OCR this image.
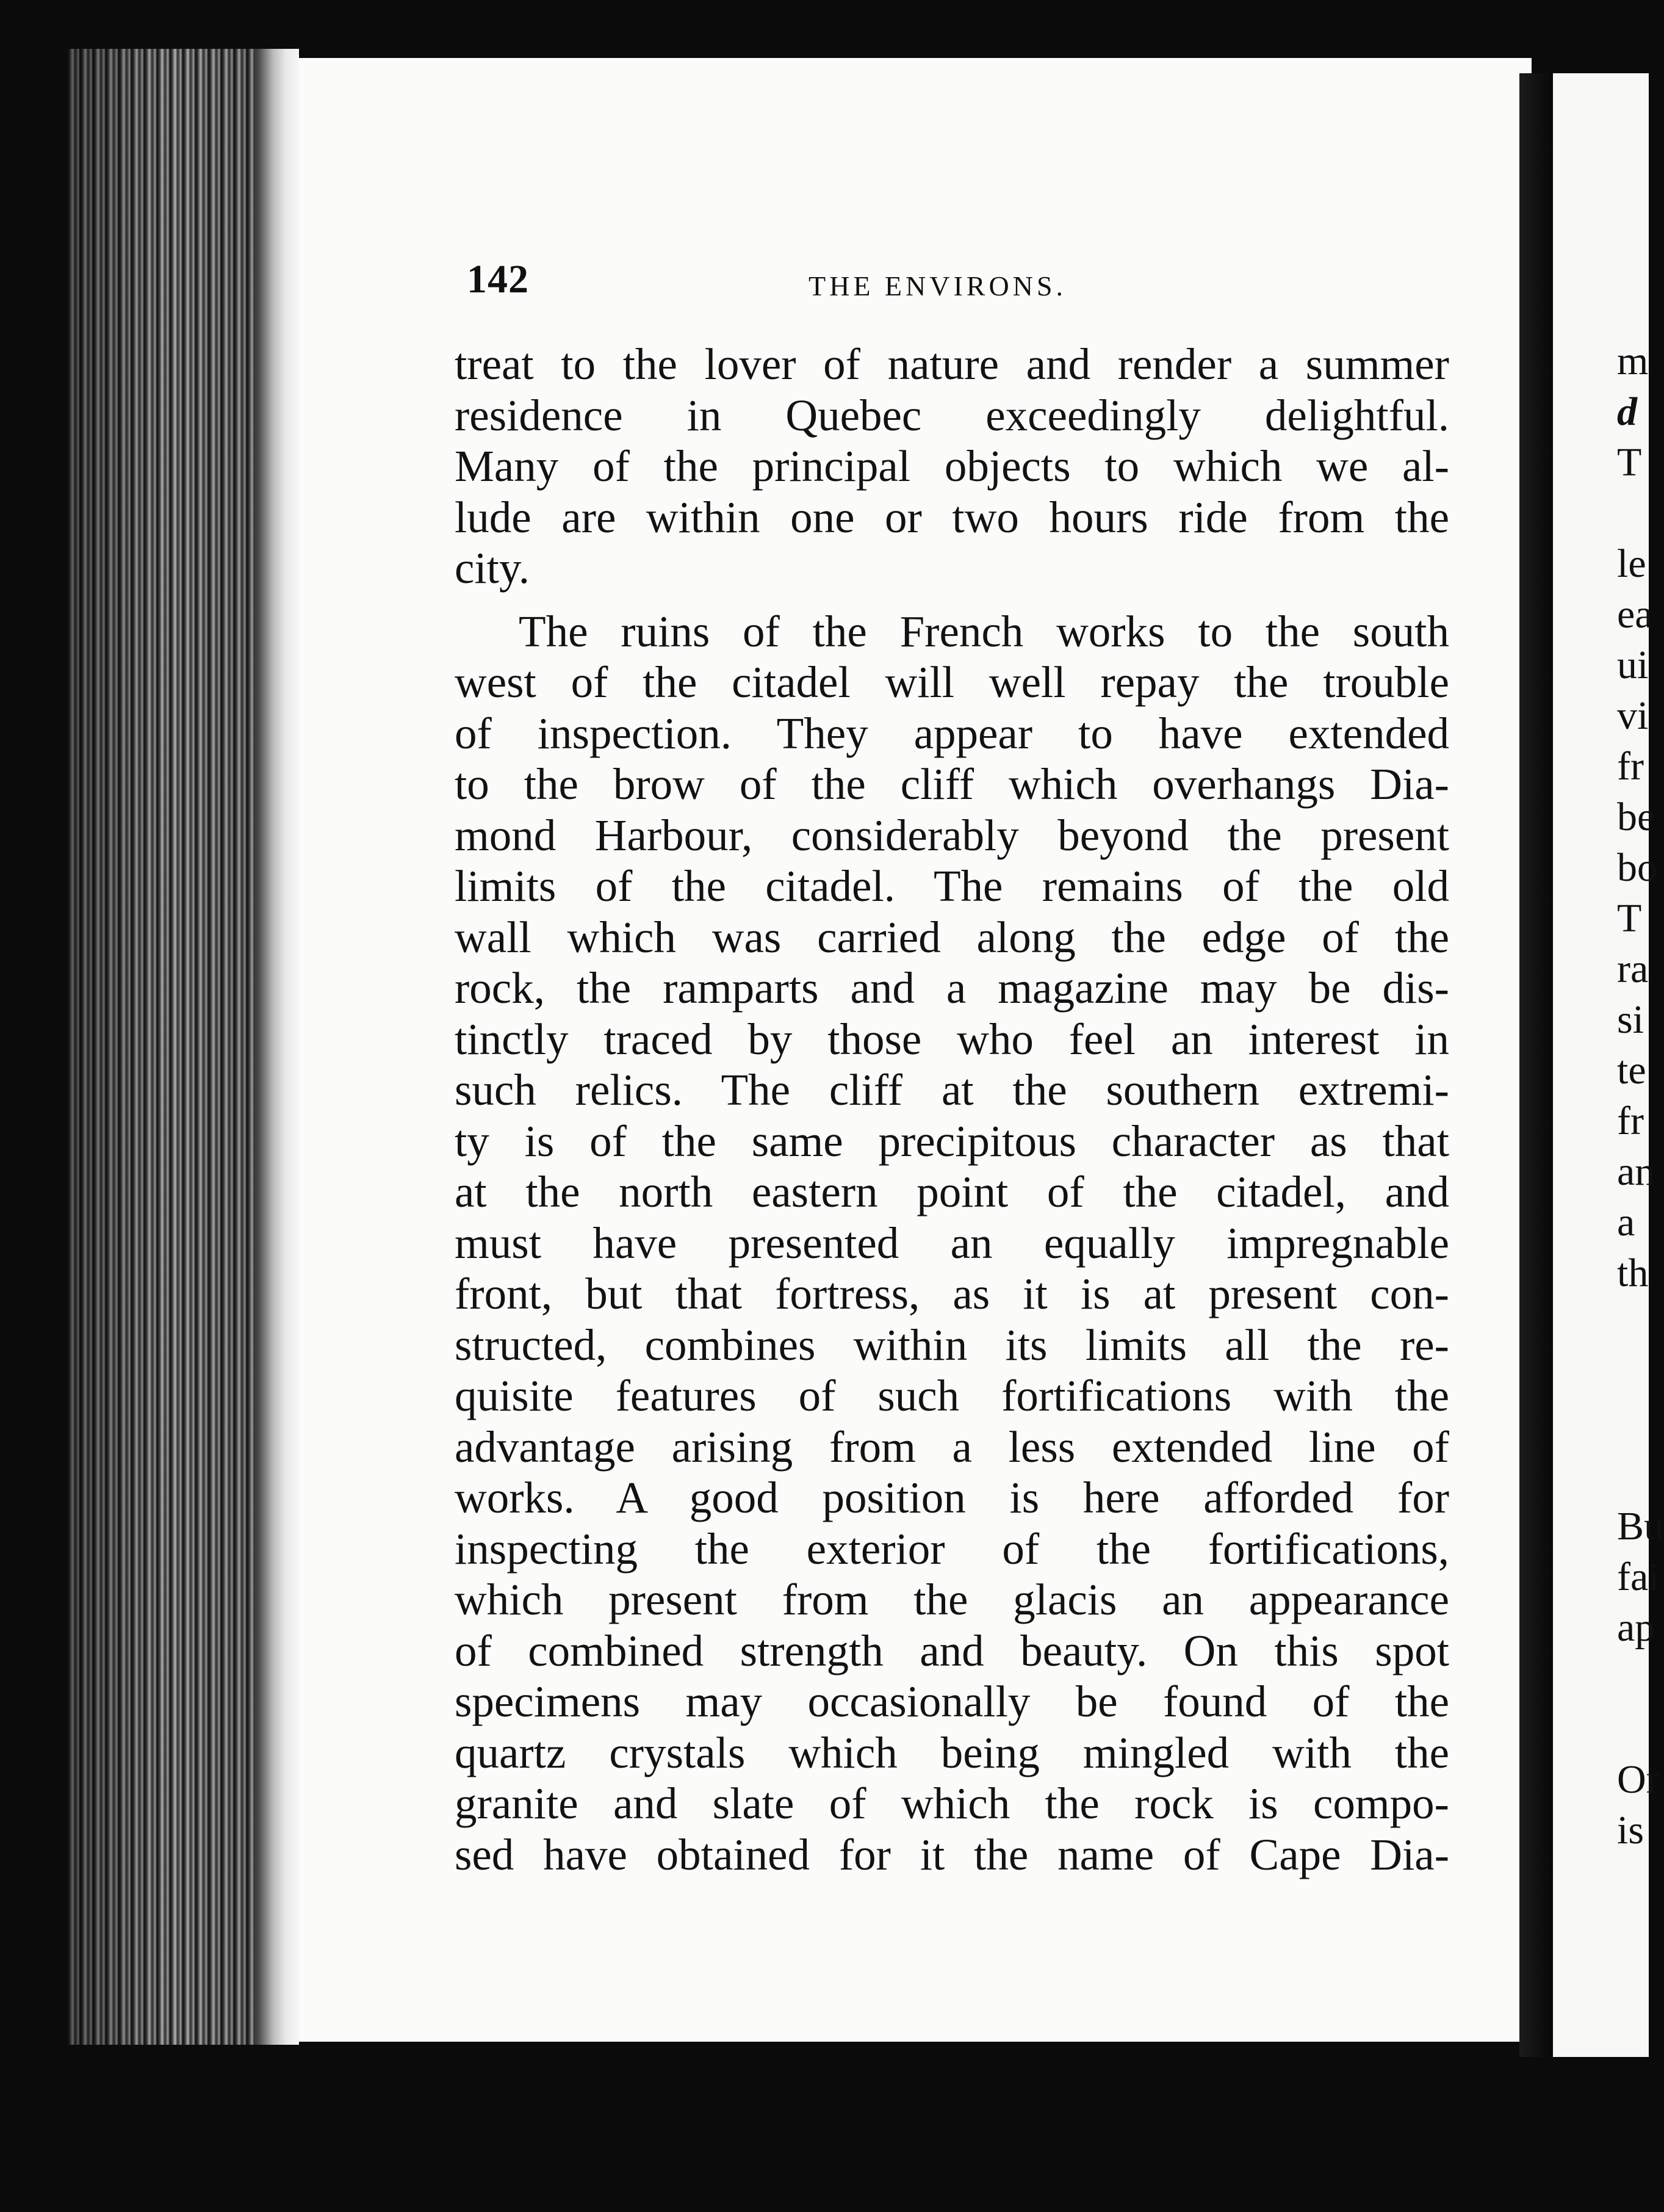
142	THE ENVIRONS.
treat to the lover of nature and render a summer
residence in Quebec exceedingly delightful.
Many of the principal objects to which we al-
lude are within one or two hours ride from the
city.
The ruins of the French works to the south
west of the citadel will well repay the trouble
of inspection. They appear to have extended
to the brow of the cliff which overhangs Dia-
mond Harbour, considerably beyond the present
limits of the citadel. The remains of the old
wall which was carried along the edge of the
rock, the ramparts and a magazine may be dis-
tinctly traced by those who feel an interest in
such relics. The cliff at the southern extremi-
ty is of the same precipitous character as that
at the north eastern point of the citadel, and
must have presented an equally impregnable
front, but that fortress, as it is at present con-
structed, combines within its limits all the re-
quisite features of such fortifications with the
advantage arising from a less extended line of
works. A good position is here afforded for
inspecting the exterior of the fortifications,
which present from the glacis an appearance
of combined strength and beauty. On this spot
specimens may occasionally be found of the
quartz crystals which being mingled with the
granite and slate of which the rock is compo-
sed have obtained for it the name of Cape Dia-
m
d
T
le
ea
ui
vi
fr
be
bo
T
ra
si
te
fr
an
a
th
Bu
fai
ap
Or
is
